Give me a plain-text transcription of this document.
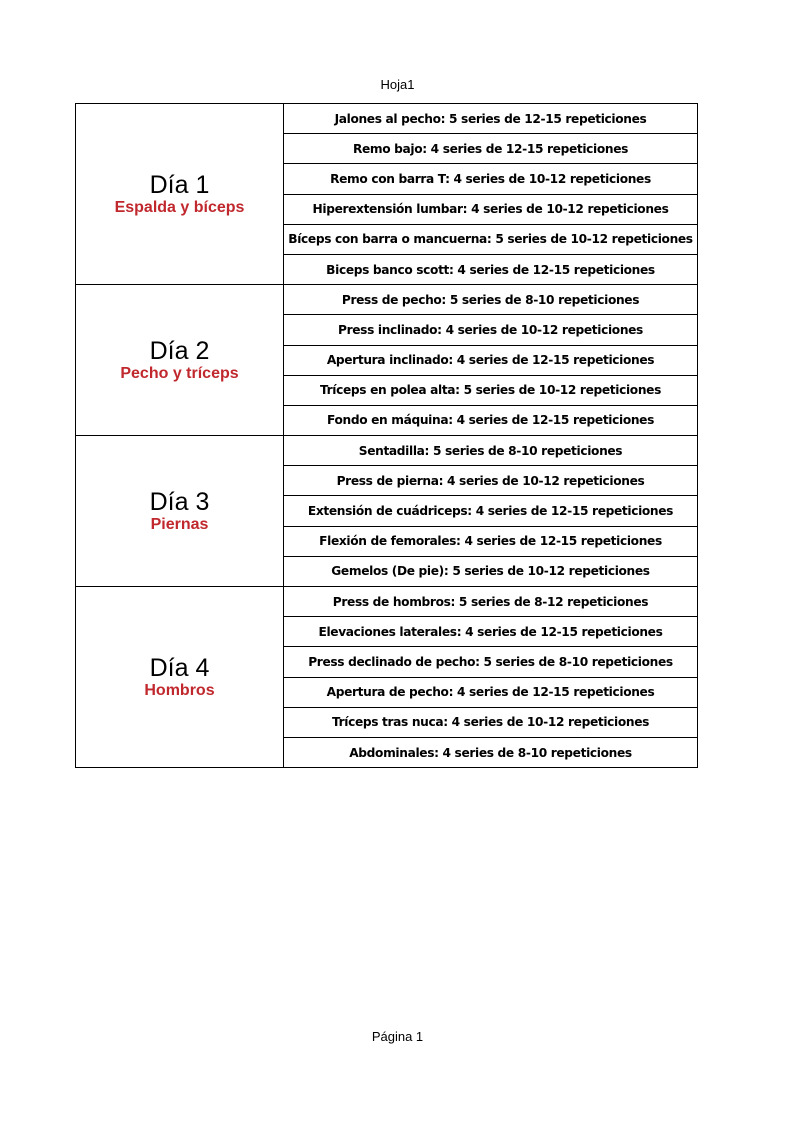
Hoja1
Día 1
Espalda y bíceps	Jalones al pecho: 5 series de 12-15 repeticiones
	Remo bajo: 4 series de 12-15 repeticiones
	Remo con barra T: 4 series de 10-12 repeticiones
	Hiperextensión lumbar: 4 series de 10-12 repeticiones
	Bíceps con barra o mancuerna: 5 series de 10-12 repeticiones
	Biceps banco scott: 4 series de 12-15 repeticiones

Día 2
Pecho y tríceps	Press de pecho: 5 series de 8-10 repeticiones
	Press inclinado: 4 series de 10-12 repeticiones
	Apertura inclinado: 4 series de 12-15 repeticiones
	Tríceps en polea alta: 5 series de 10-12 repeticiones
	Fondo en máquina: 4 series de 12-15 repeticiones

Día 3
Piernas	Sentadilla: 5 series de 8-10 repeticiones
	Press de pierna: 4 series de 10-12 repeticiones
	Extensión de cuádriceps: 4 series de 12-15 repeticiones
	Flexión de femorales: 4 series de 12-15 repeticiones
	Gemelos (De pie): 5 series de 10-12 repeticiones

Día 4
Hombros	Press de hombros: 5 series de 8-12 repeticiones
	Elevaciones laterales: 4 series de 12-15 repeticiones
	Press declinado de pecho: 5 series de 8-10 repeticiones
	Apertura de pecho: 4 series de 12-15 repeticiones
	Tríceps tras nuca: 4 series de 10-12 repeticiones
	Abdominales: 4 series de 8-10 repeticiones
Página 1
